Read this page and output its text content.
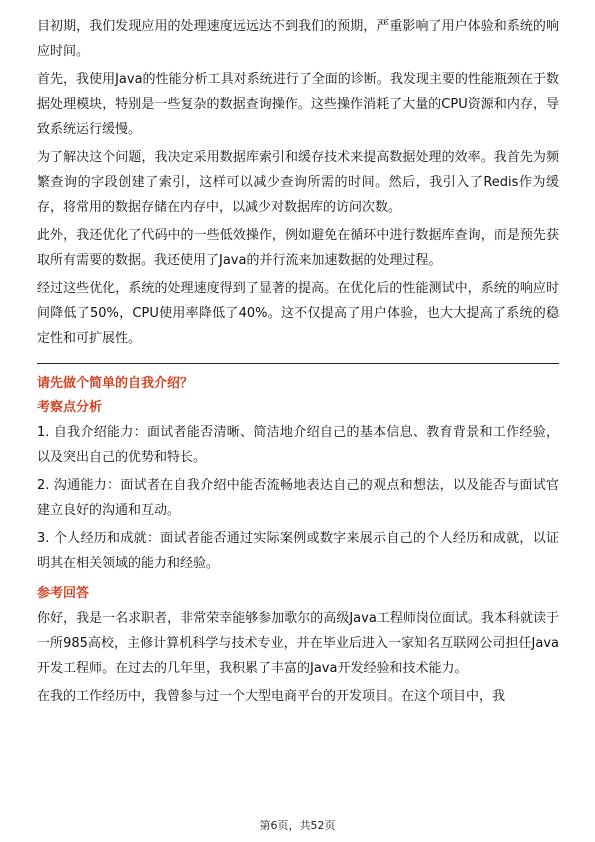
目初期，我们发现应用的处理速度远远达不到我们的预期，严重影响了用户体验和系统的响应时间。

首先，我使用Java的性能分析工具对系统进行了全面的诊断。我发现主要的性能瓶颈在于数据处理模块，特别是一些复杂的数据查询操作。这些操作消耗了大量的CPU资源和内存，导致系统运行缓慢。

为了解决这个问题，我决定采用数据库索引和缓存技术来提高数据处理的效率。我首先为频繁查询的字段创建了索引，这样可以减少查询所需的时间。然后，我引入了Redis作为缓存，将常用的数据存储在内存中，以减少对数据库的访问次数。

此外，我还优化了代码中的一些低效操作，例如避免在循环中进行数据库查询，而是预先获取所有需要的数据。我还使用了Java的并行流来加速数据的处理过程。

经过这些优化，系统的处理速度得到了显著的提高。在优化后的性能测试中，系统的响应时间降低了50%，CPU使用率降低了40%。这不仅提高了用户体验，也大大提高了系统的稳定性和可扩展性。

请先做个简单的自我介绍？
考察点分析

1. 自我介绍能力：面试者能否清晰、简洁地介绍自己的基本信息、教育背景和工作经验，以及突出自己的优势和特长。

2. 沟通能力：面试者在自我介绍中能否流畅地表达自己的观点和想法，以及能否与面试官建立良好的沟通和互动。

3. 个人经历和成就：面试者能否通过实际案例或数字来展示自己的个人经历和成就，以证明其在相关领域的能力和经验。

参考回答

你好，我是一名求职者，非常荣幸能够参加歌尔的高级Java工程师岗位面试。我本科就读于一所985高校，主修计算机科学与技术专业，并在毕业后进入一家知名互联网公司担任Java开发工程师。在过去的几年里，我积累了丰富的Java开发经验和技术能力。

在我的工作经历中，我曾参与过一个大型电商平台的开发项目。在这个项目中，我

第6页，共52页
